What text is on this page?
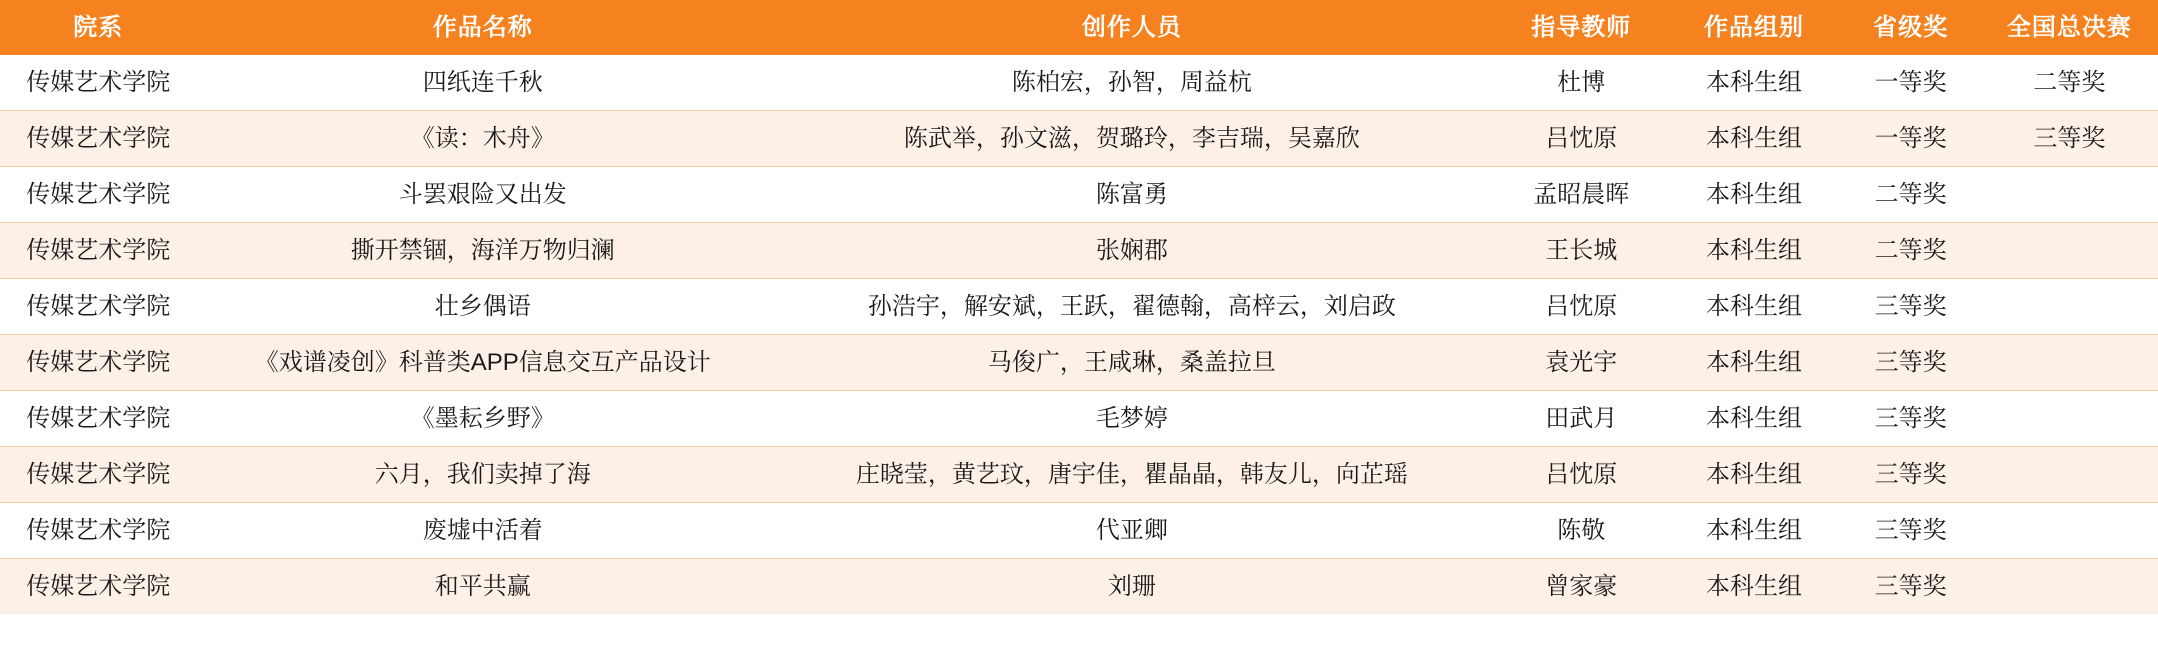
院系	作品名称	创作人员	指导教师	作品组别	省级奖	全国总决赛
传媒艺术学院	四纸连千秋	陈柏宏，孙智，周益杭	杜博	本科生组	一等奖	二等奖
传媒艺术学院	《读：木舟》	陈武举，孙文滋，贺璐玲，李吉瑞，吴嘉欣	吕忱原	本科生组	一等奖	三等奖
传媒艺术学院	斗罢艰险又出发	陈富勇	孟昭晨晖	本科生组	二等奖	
传媒艺术学院	撕开禁锢，海洋万物归澜	张娴郡	王长城	本科生组	二等奖	
传媒艺术学院	壮乡偶语	孙浩宇，解安斌，王跃，翟德翰，高梓云，刘启政	吕忱原	本科生组	三等奖	
传媒艺术学院	《戏谱凌创》科普类APP信息交互产品设计	马俊广，王咸琳，桑盖拉旦	袁光宇	本科生组	三等奖	
传媒艺术学院	《墨耘乡野》	毛梦婷	田武月	本科生组	三等奖	
传媒艺术学院	六月，我们卖掉了海	庄晓莹，黄艺玟，唐宇佳，瞿晶晶，韩友儿，向芷瑶	吕忱原	本科生组	三等奖	
传媒艺术学院	废墟中活着	代亚卿	陈敬	本科生组	三等奖	
传媒艺术学院	和平共赢	刘珊	曾家豪	本科生组	三等奖	
